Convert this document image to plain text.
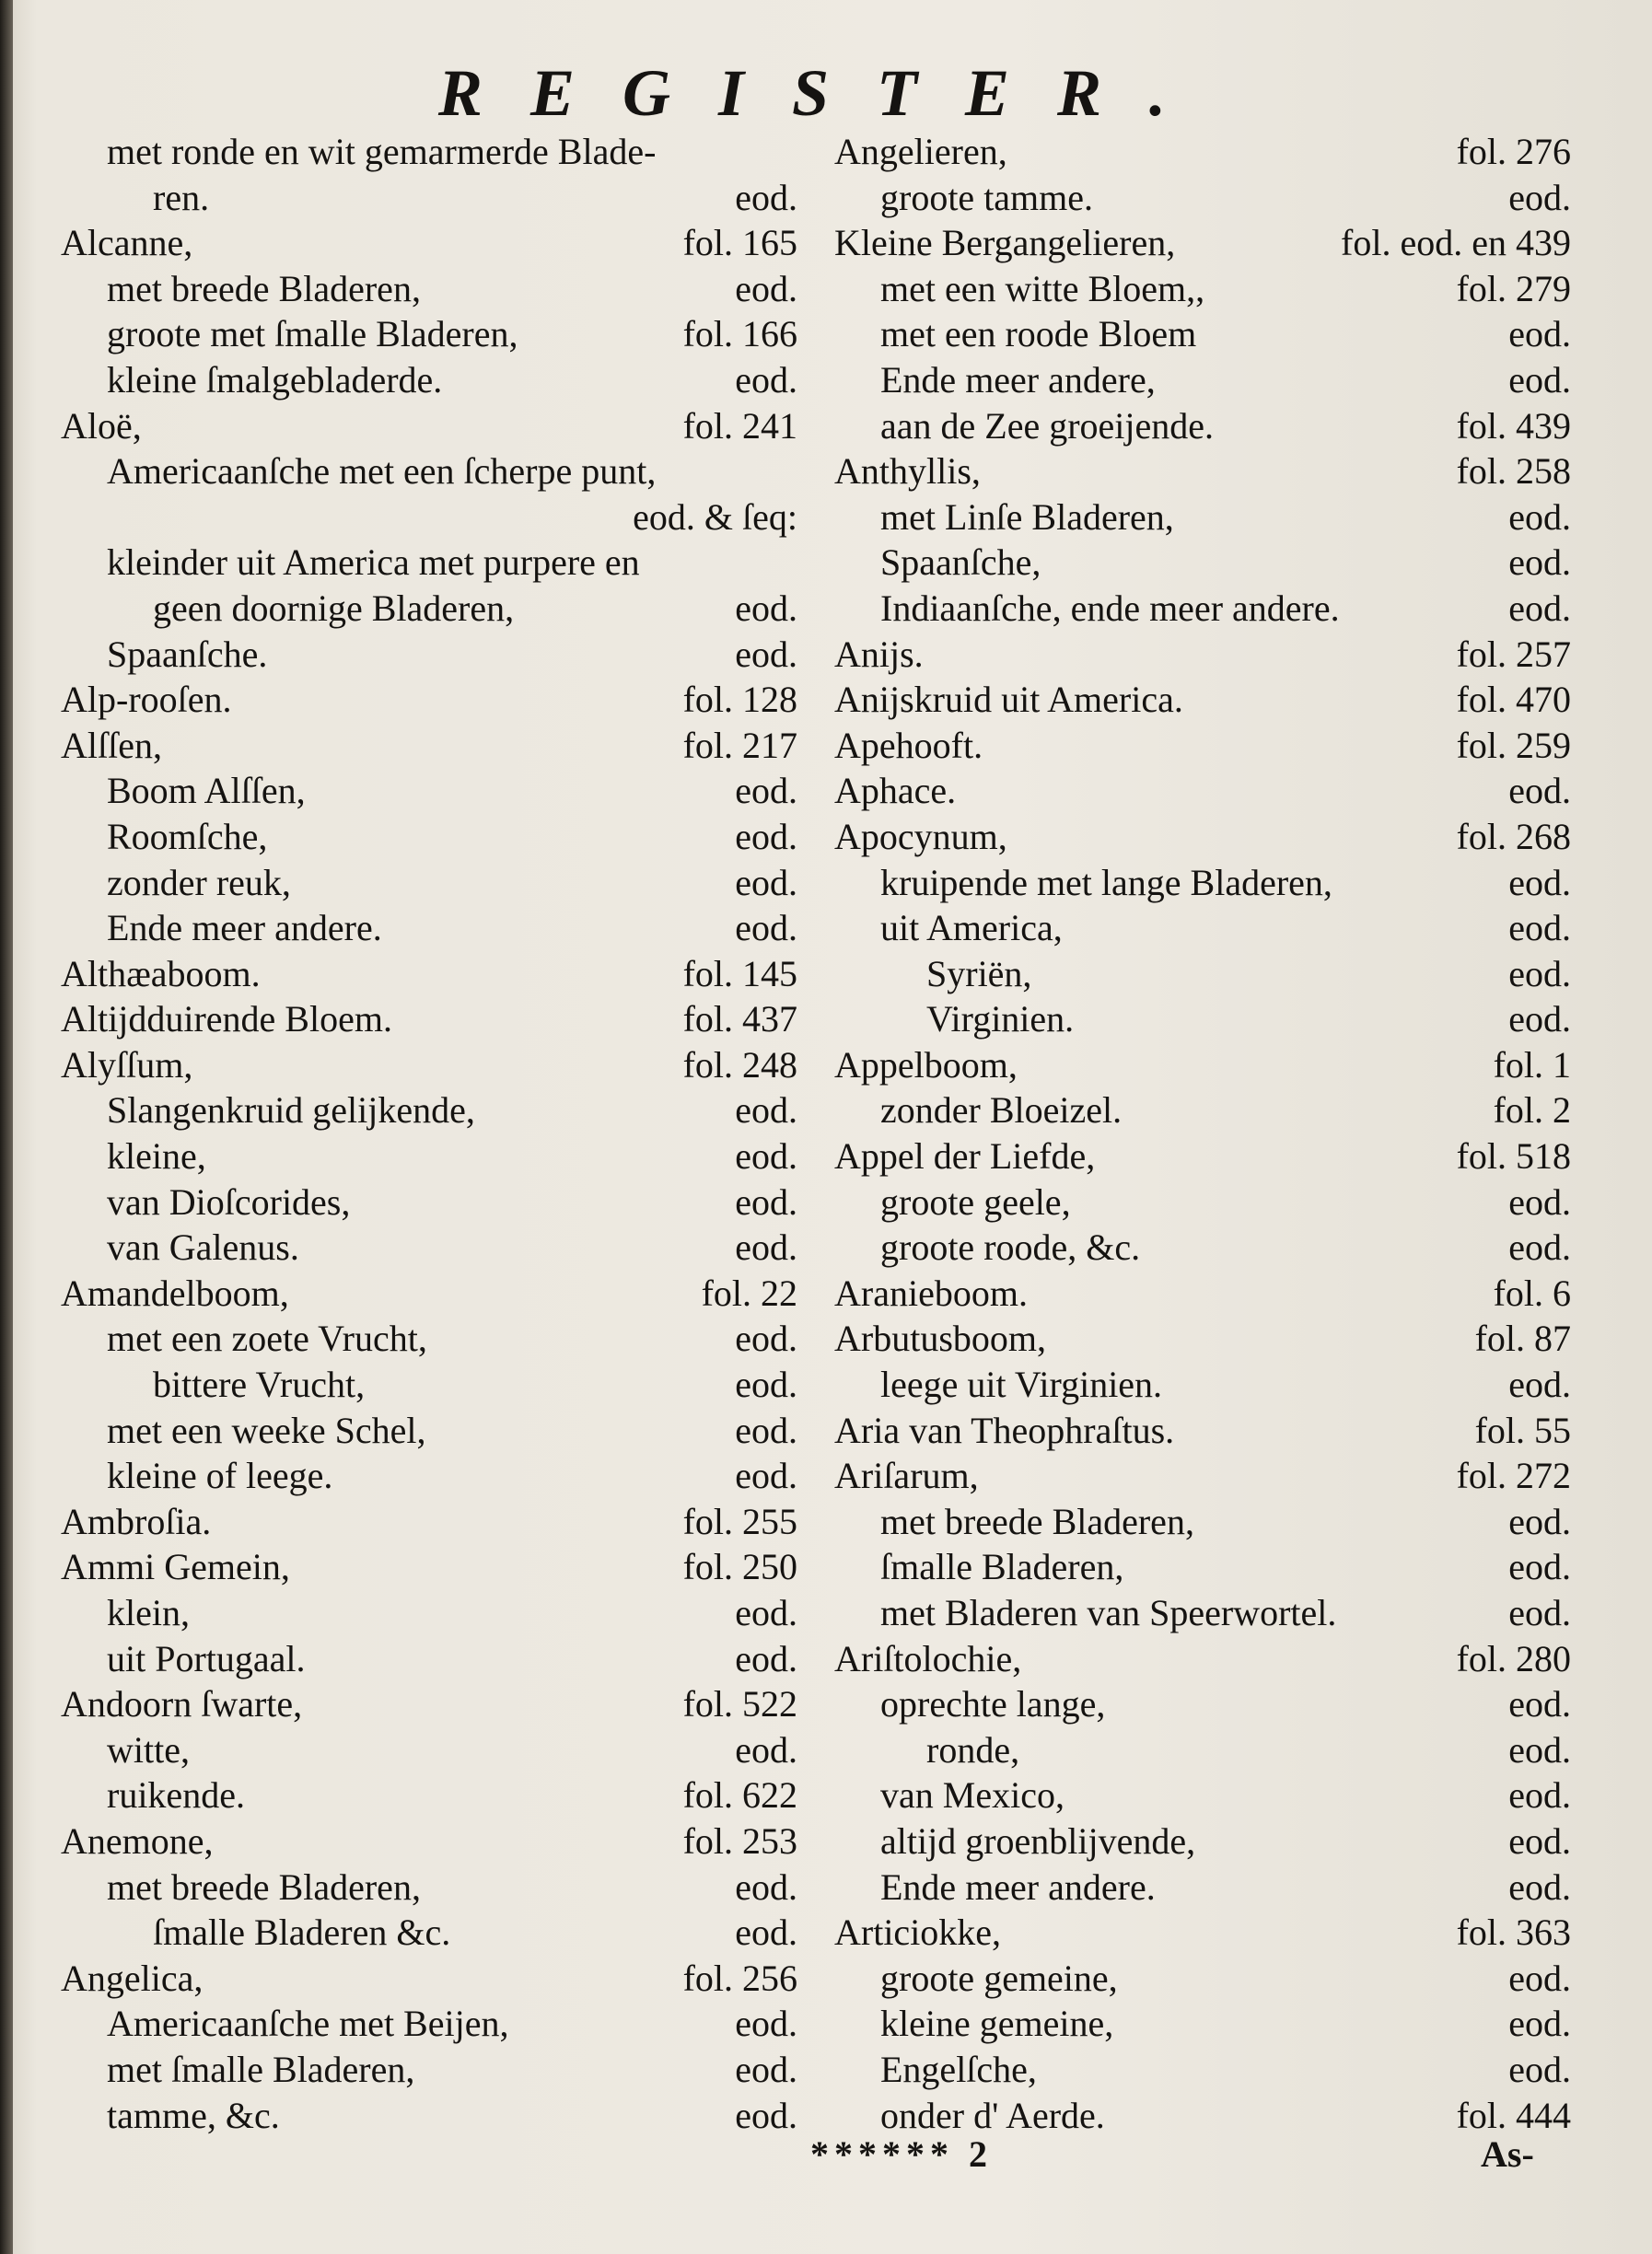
REGISTER.
met ronde en wit gemarmerde Blade-
ren.	eod.
Alcanne,	fol. 165
met breede Bladeren,	eod.
groote met ſmalle Bladeren,	fol. 166
kleine ſmalgebladerde.	eod.
Aloë,	fol. 241
Americaanſche met een ſcherpe punt,
eod. & ſeq:
kleinder uit America met purpere en
geen doornige Bladeren,	eod.
Spaanſche.	eod.
Alp-rooſen.	fol. 128
Alſſen,	fol. 217
Boom Alſſen,	eod.
Roomſche,	eod.
zonder reuk,	eod.
Ende meer andere.	eod.
Althæaboom.	fol. 145
Altijdduirende Bloem.	fol. 437
Alyſſum,	fol. 248
Slangenkruid gelijkende,	eod.
kleine,	eod.
van Dioſcorides,	eod.
van Galenus.	eod.
Amandelboom,	fol. 22
met een zoete Vrucht,	eod.
bittere Vrucht,	eod.
met een weeke Schel,	eod.
kleine of leege.	eod.
Ambroſia.	fol. 255
Ammi Gemein,	fol. 250
klein,	eod.
uit Portugaal.	eod.
Andoorn ſwarte,	fol. 522
witte,	eod.
ruikende.	fol. 622
Anemone,	fol. 253
met breede Bladeren,	eod.
ſmalle Bladeren &c.	eod.
Angelica,	fol. 256
Americaanſche met Beijen,	eod.
met ſmalle Bladeren,	eod.
tamme, &c.	eod.
Angelieren,	fol. 276
groote tamme.	eod.
Kleine Bergangelieren,	fol. eod. en 439
met een witte Bloem,,	fol. 279
met een roode Bloem	eod.
Ende meer andere,	eod.
aan de Zee groeijende.	fol. 439
Anthyllis,	fol. 258
met Linſe Bladeren,	eod.
Spaanſche,	eod.
Indiaanſche, ende meer andere.	eod.
Anijs.	fol. 257
Anijskruid uit America.	fol. 470
Apehooft.	fol. 259
Aphace.	eod.
Apocynum,	fol. 268
kruipende met lange Bladeren,	eod.
uit America,	eod.
Syriën,	eod.
Virginien.	eod.
Appelboom,	fol. 1
zonder Bloeizel.	fol. 2
Appel der Liefde,	fol. 518
groote geele,	eod.
groote roode, &c.	eod.
Aranieboom.	fol. 6
Arbutusboom,	fol. 87
leege uit Virginien.	eod.
Aria van Theophraſtus.	fol. 55
Ariſarum,	fol. 272
met breede Bladeren,	eod.
ſmalle Bladeren,	eod.
met Bladeren van Speerwortel.	eod.
Ariſtolochie,	fol. 280
oprechte lange,	eod.
ronde,	eod.
van Mexico,	eod.
altijd groenblijvende,	eod.
Ende meer andere.	eod.
Articiokke,	fol. 363
groote gemeine,	eod.
kleine gemeine,	eod.
Engelſche,	eod.
onder d' Aerde.	fol. 444
****** 2	As-
